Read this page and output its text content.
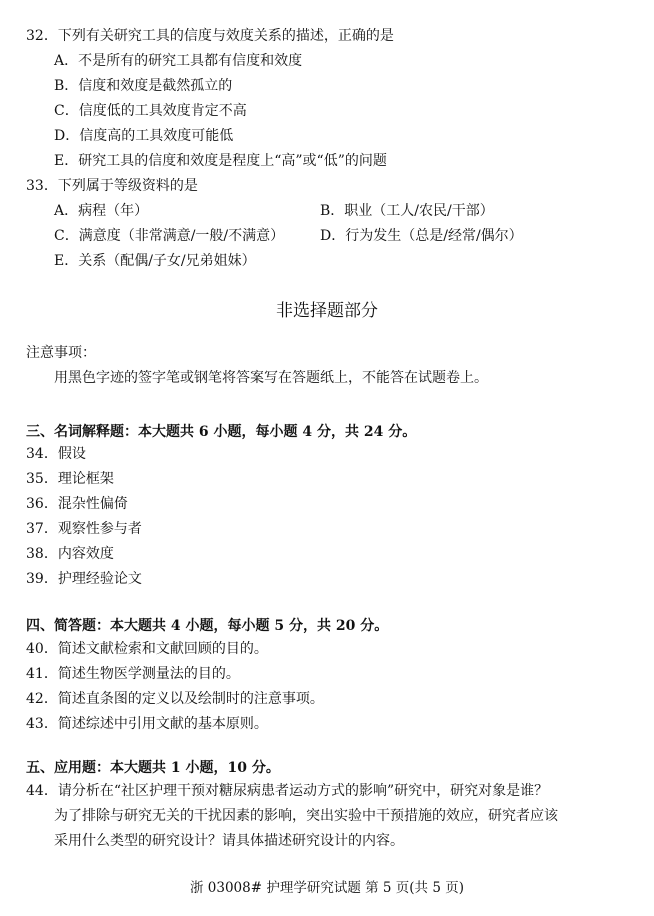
32．下列有关研究工具的信度与效度关系的描述，正确的是
A．不是所有的研究工具都有信度和效度
B．信度和效度是截然孤立的
C．信度低的工具效度肯定不高
D．信度高的工具效度可能低
E．研究工具的信度和效度是程度上“高”或“低”的问题
33．下列属于等级资料的是
A．病程（年）	B．职业（工人/农民/干部）
C．满意度（非常满意/一般/不满意）	D．行为发生（总是/经常/偶尔）
E．关系（配偶/子女/兄弟姐妹）
非选择题部分
注意事项：
用黑色字迹的签字笔或钢笔将答案写在答题纸上，不能答在试题卷上。
三、名词解释题：本大题共 6 小题，每小题 4 分，共 24 分。
34．假设
35．理论框架
36．混杂性偏倚
37．观察性参与者
38．内容效度
39．护理经验论文
四、简答题：本大题共 4 小题，每小题 5 分，共 20 分。
40．简述文献检索和文献回顾的目的。
41．简述生物医学测量法的目的。
42．简述直条图的定义以及绘制时的注意事项。
43．简述综述中引用文献的基本原则。
五、应用题：本大题共 1 小题，10 分。
44．请分析在“社区护理干预对糖尿病患者运动方式的影响”研究中，研究对象是谁？
为了排除与研究无关的干扰因素的影响，突出实验中干预措施的效应，研究者应该
采用什么类型的研究设计？请具体描述研究设计的内容。
浙 03008# 护理学研究试题 第 5 页(共 5 页)
